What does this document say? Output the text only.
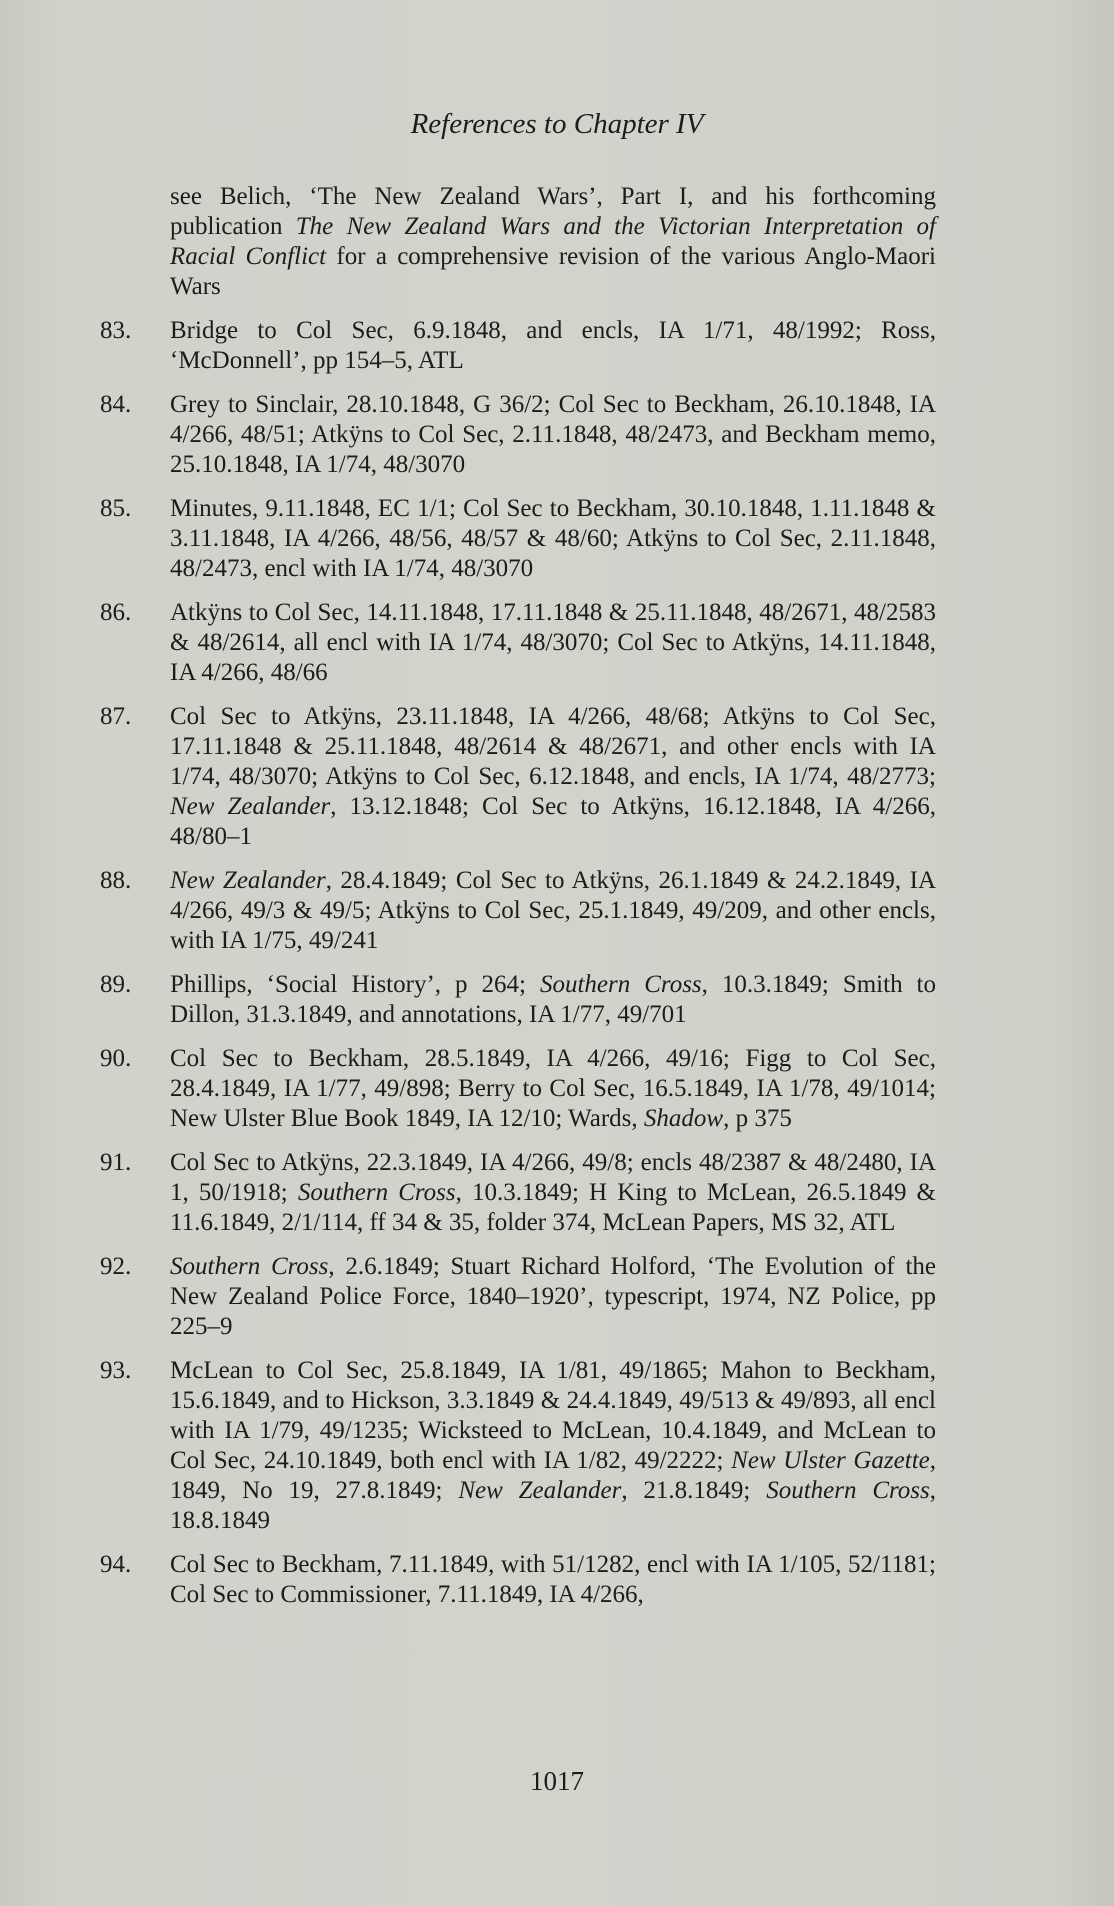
References to Chapter IV
see Belich, ‘The New Zealand Wars’, Part I, and his forthcoming publication The New Zealand Wars and the Victorian Interpretation of Racial Conflict for a comprehensive revision of the various Anglo-Maori Wars
83.	Bridge to Col Sec, 6.9.1848, and encls, IA 1/71, 48/1992; Ross, ‘McDonnell’, pp 154–5, ATL
84.	Grey to Sinclair, 28.10.1848, G 36/2; Col Sec to Beckham, 26.10.1848, IA 4/266, 48/51; Atkÿns to Col Sec, 2.11.1848, 48/2473, and Beckham memo, 25.10.1848, IA 1/74, 48/3070
85.	Minutes, 9.11.1848, EC 1/1; Col Sec to Beckham, 30.10.1848, 1.11.1848 & 3.11.1848, IA 4/266, 48/56, 48/57 & 48/60; Atkÿns to Col Sec, 2.11.1848, 48/2473, encl with IA 1/74, 48/3070
86.	Atkÿns to Col Sec, 14.11.1848, 17.11.1848 & 25.11.1848, 48/2671, 48/2583 & 48/2614, all encl with IA 1/74, 48/3070; Col Sec to Atkÿns, 14.11.1848, IA 4/266, 48/66
87.	Col Sec to Atkÿns, 23.11.1848, IA 4/266, 48/68; Atkÿns to Col Sec, 17.11.1848 & 25.11.1848, 48/2614 & 48/2671, and other encls with IA 1/74, 48/3070; Atkÿns to Col Sec, 6.12.1848, and encls, IA 1/74, 48/2773; New Zealander, 13.12.1848; Col Sec to Atkÿns, 16.12.1848, IA 4/266, 48/80–1
88.	New Zealander, 28.4.1849; Col Sec to Atkÿns, 26.1.1849 & 24.2.1849, IA 4/266, 49/3 & 49/5; Atkÿns to Col Sec, 25.1.1849, 49/209, and other encls, with IA 1/75, 49/241
89.	Phillips, ‘Social History’, p 264; Southern Cross, 10.3.1849; Smith to Dillon, 31.3.1849, and annotations, IA 1/77, 49/701
90.	Col Sec to Beckham, 28.5.1849, IA 4/266, 49/16; Figg to Col Sec, 28.4.1849, IA 1/77, 49/898; Berry to Col Sec, 16.5.1849, IA 1/78, 49/1014; New Ulster Blue Book 1849, IA 12/10; Wards, Shadow, p 375
91.	Col Sec to Atkÿns, 22.3.1849, IA 4/266, 49/8; encls 48/2387 & 48/2480, IA 1, 50/1918; Southern Cross, 10.3.1849; H King to McLean, 26.5.1849 & 11.6.1849, 2/1/114, ff 34 & 35, folder 374, McLean Papers, MS 32, ATL
92.	Southern Cross, 2.6.1849; Stuart Richard Holford, ‘The Evolution of the New Zealand Police Force, 1840–1920’, typescript, 1974, NZ Police, pp 225–9
93.	McLean to Col Sec, 25.8.1849, IA 1/81, 49/1865; Mahon to Beckham, 15.6.1849, and to Hickson, 3.3.1849 & 24.4.1849, 49/513 & 49/893, all encl with IA 1/79, 49/1235; Wicksteed to McLean, 10.4.1849, and McLean to Col Sec, 24.10.1849, both encl with IA 1/82, 49/2222; New Ulster Gazette, 1849, No 19, 27.8.1849; New Zealander, 21.8.1849; Southern Cross, 18.8.1849
94.	Col Sec to Beckham, 7.11.1849, with 51/1282, encl with IA 1/105, 52/1181; Col Sec to Commissioner, 7.11.1849, IA 4/266,
1017
